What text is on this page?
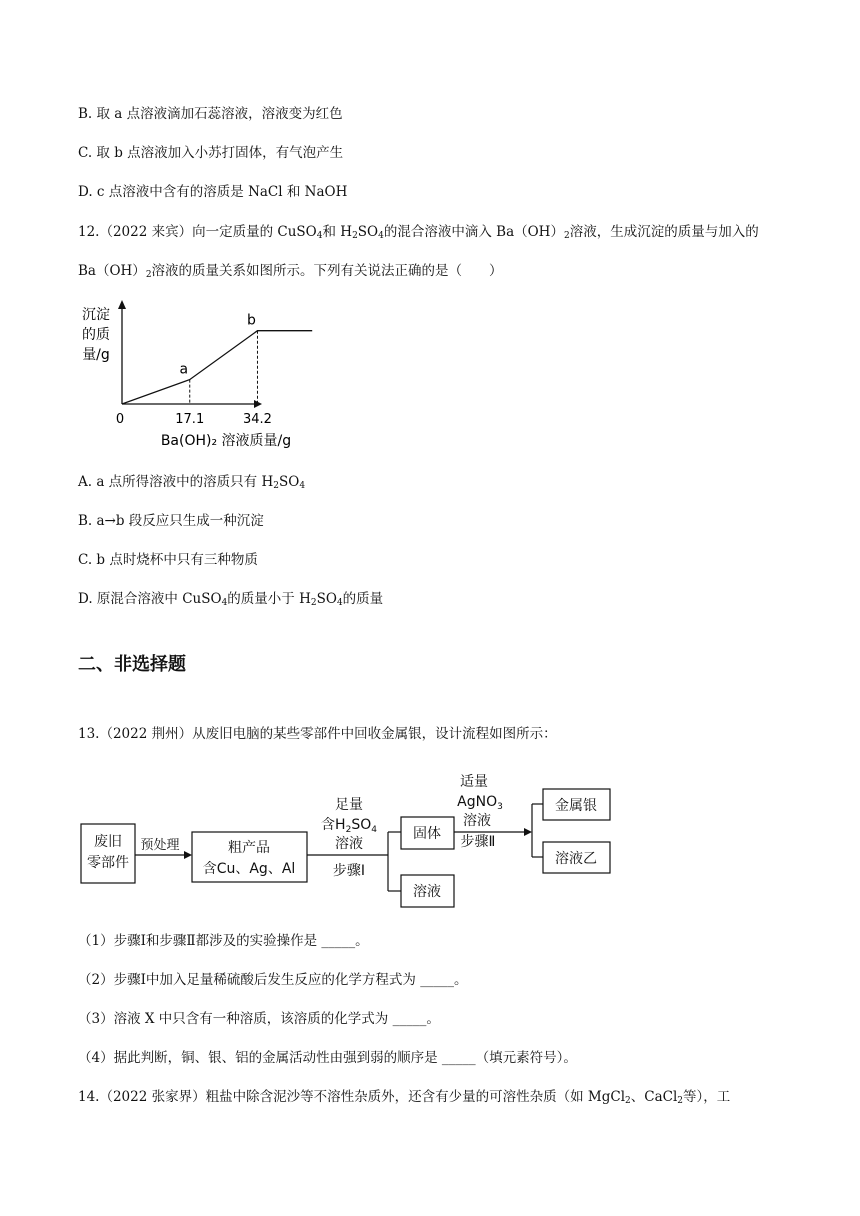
B. 取 a 点溶液滴加石蕊溶液，溶液变为红色
C. 取 b 点溶液加入小苏打固体，有气泡产生
D. c 点溶液中含有的溶质是 NaCl 和 NaOH
12.（2022 来宾）向一定质量的 CuSO$_4$和 $H_2SO_4$的混合溶液中滴入 $Ba(OH)_2$溶液，生成沉淀的质量与加入的
$Ba(OH)_2$溶液的质量关系如图所示。下列有关说法正确的是（　　）
沉淀
的质
量/g
0
a
17.1
b
34.2
Ba(OH)₂ 溶液质量/g
A. a 点所得溶液中的溶质只有 $H_2SO_4$
B. a→b 段反应只生成一种沉淀
C. b 点时烧杯中只有三种物质
D. 原混合溶液中 CuSO$_4$的质量小于 $H_2SO_4$的质量
二、非选择题
13.（2022 荆州）从废旧电脑的某些零部件中回收金属银，设计流程如图所示：
废旧
零部件
预处理	粗产品
含Cu、Ag、Al
足量
含$H_2SO_4$
溶液
步骤Ⅰ
固体
溶液
适量
AgNO$_3$
溶液
步骤Ⅱ
金属银
溶液乙
（1）步骤Ⅰ和步骤Ⅱ都涉及的实验操作是 _____。
（2）步骤Ⅰ中加入足量稀硫酸后发生反应的化学方程式为 _____。
（3）溶液 X 中只含有一种溶质，该溶质的化学式为 _____。
（4）据此判断，铜、银、铝的金属活动性由强到弱的顺序是 _____（填元素符号）。
14.（2022 张家界）粗盐中除含泥沙等不溶性杂质外，还含有少量的可溶性杂质（如 MgCl$_2$、CaCl$_2$等），工
